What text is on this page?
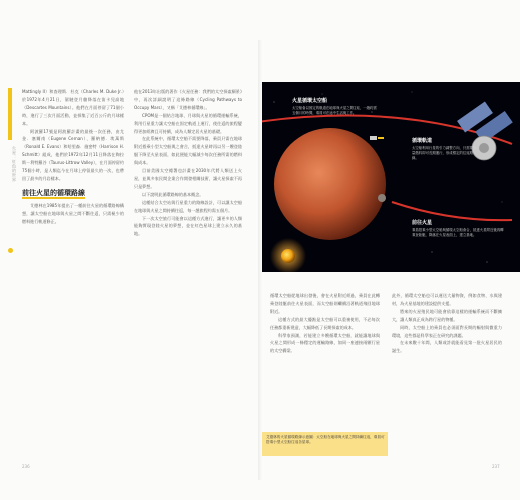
火星：紅色的世界

Mattingly II）和查理斯．杜克（Charles M. Duke Jr.）於1972年4月21日，駕駛登月艙降落在笛卡兒高地（Descartes Mountains）。他們在月面停留了71個小時，進行了三次月面活動，並採集了近百公斤的月球樣本。

阿波羅17號是阿波羅計畫的最後一次任務，由尤金．塞爾南（Eugene Cernan）、羅納德．埃萬斯（Ronald E. Evans）和哈里森．施密特（Harrison H. Schmitt）組成，他們於1972年12月11日降落在陶拉斯－利特羅谷（Taurus-Littrow Valley），在月面停留約75個小時，是人類迄今在月球上停留最久的一次，也帶回了最多的月岩樣本。

前往火星的循環路線

艾德林在1985年提出了一種前往火星的循環路線構想，讓太空船在地球與火星之間不斷往返，只需極少的燃料進行軌道修正。

他在2013年出版的著作《火星任務：我們的太空探索願景》中，再次詳細說明了這條路線（Cycling Pathways to Occupy Mars），又稱「艾德林循環線」。

CPOM是一個結合地球、月球與火星的循環運輸系統，利用行星重力讓太空船在固定軌道上運行，使往返的旅程變得更加經濟且可持續，成為人類定居火星的基礎。

在此系統中，循環太空船不需要降落，乘員只需在地球附近搭乘小型太空船與之會合，抵達火星時再以另一艘登陸艇下降至火星表面，如此便能大幅減少每次任務所需的燃料與成本。

目前美國太空總署也計畫在2030年代將人類送上火星，並與多家民間企業合作開發相關技術，讓火星探索不再只是夢想。

以下說明此循環路線的基本概念。

這種結合太空站與行星重力的路線設計，可以讓太空船在地球與火星之間持續往返，每一趟旅程約需五個月。

下一次太空旅行可能會以這種方式進行，讓更多的人類能夠實現登陸火星的夢想，並在紅色星球上建立永久的基地。

236
火星循環太空船
太空船會以固定的軌道在地球與火星之間往返，一趟約需五個月的時間，乘員可在途中生活與工作。
循環軌道
太空船利用行星的引力調整方向，只需要少量燃料即可長期運行，形成穩定的往返路線。
前往火星
乘員搭乘小型太空船與循環太空船會合，抵達火星附近後再轉乘登陸艇，降落在火星表面上，建立基地。

循環太空船從地球出發後，會在火星附近經過，乘員在此轉乘登陸艇前往火星表面，而太空船則繼續沿著軌道飛回地球附近。

這種方式的最大優點是太空船可以重複使用，不必每次任務都重新建造，大幅降低了長期探索的成本。

科學家預測，若能建立多艘循環太空船，就能讓地球與火星之間形成一條穩定的運輸路線，如同一座連接兩顆行星的太空橋梁。

此外，循環太空船也可以運送大量物資，例如食物、水與建材，為火星基地的建設提供支援。

將來的火星殖民地可能會依靠這樣的運輸系統而不斷擴大，讓人類真正成為跨行星的物種。

同時，太空船上的乘員也必須面對長期的輻射與微重力環境，這些都是科學家正在研究的課題。

在未來數十年間，人類或許就能看見第一批火星居民的誕生。

237
艾德林的火星循環路線示意圖：太空船在地球與火星之間持續往返，乘員可搭乘小型太空船往返各星球。
